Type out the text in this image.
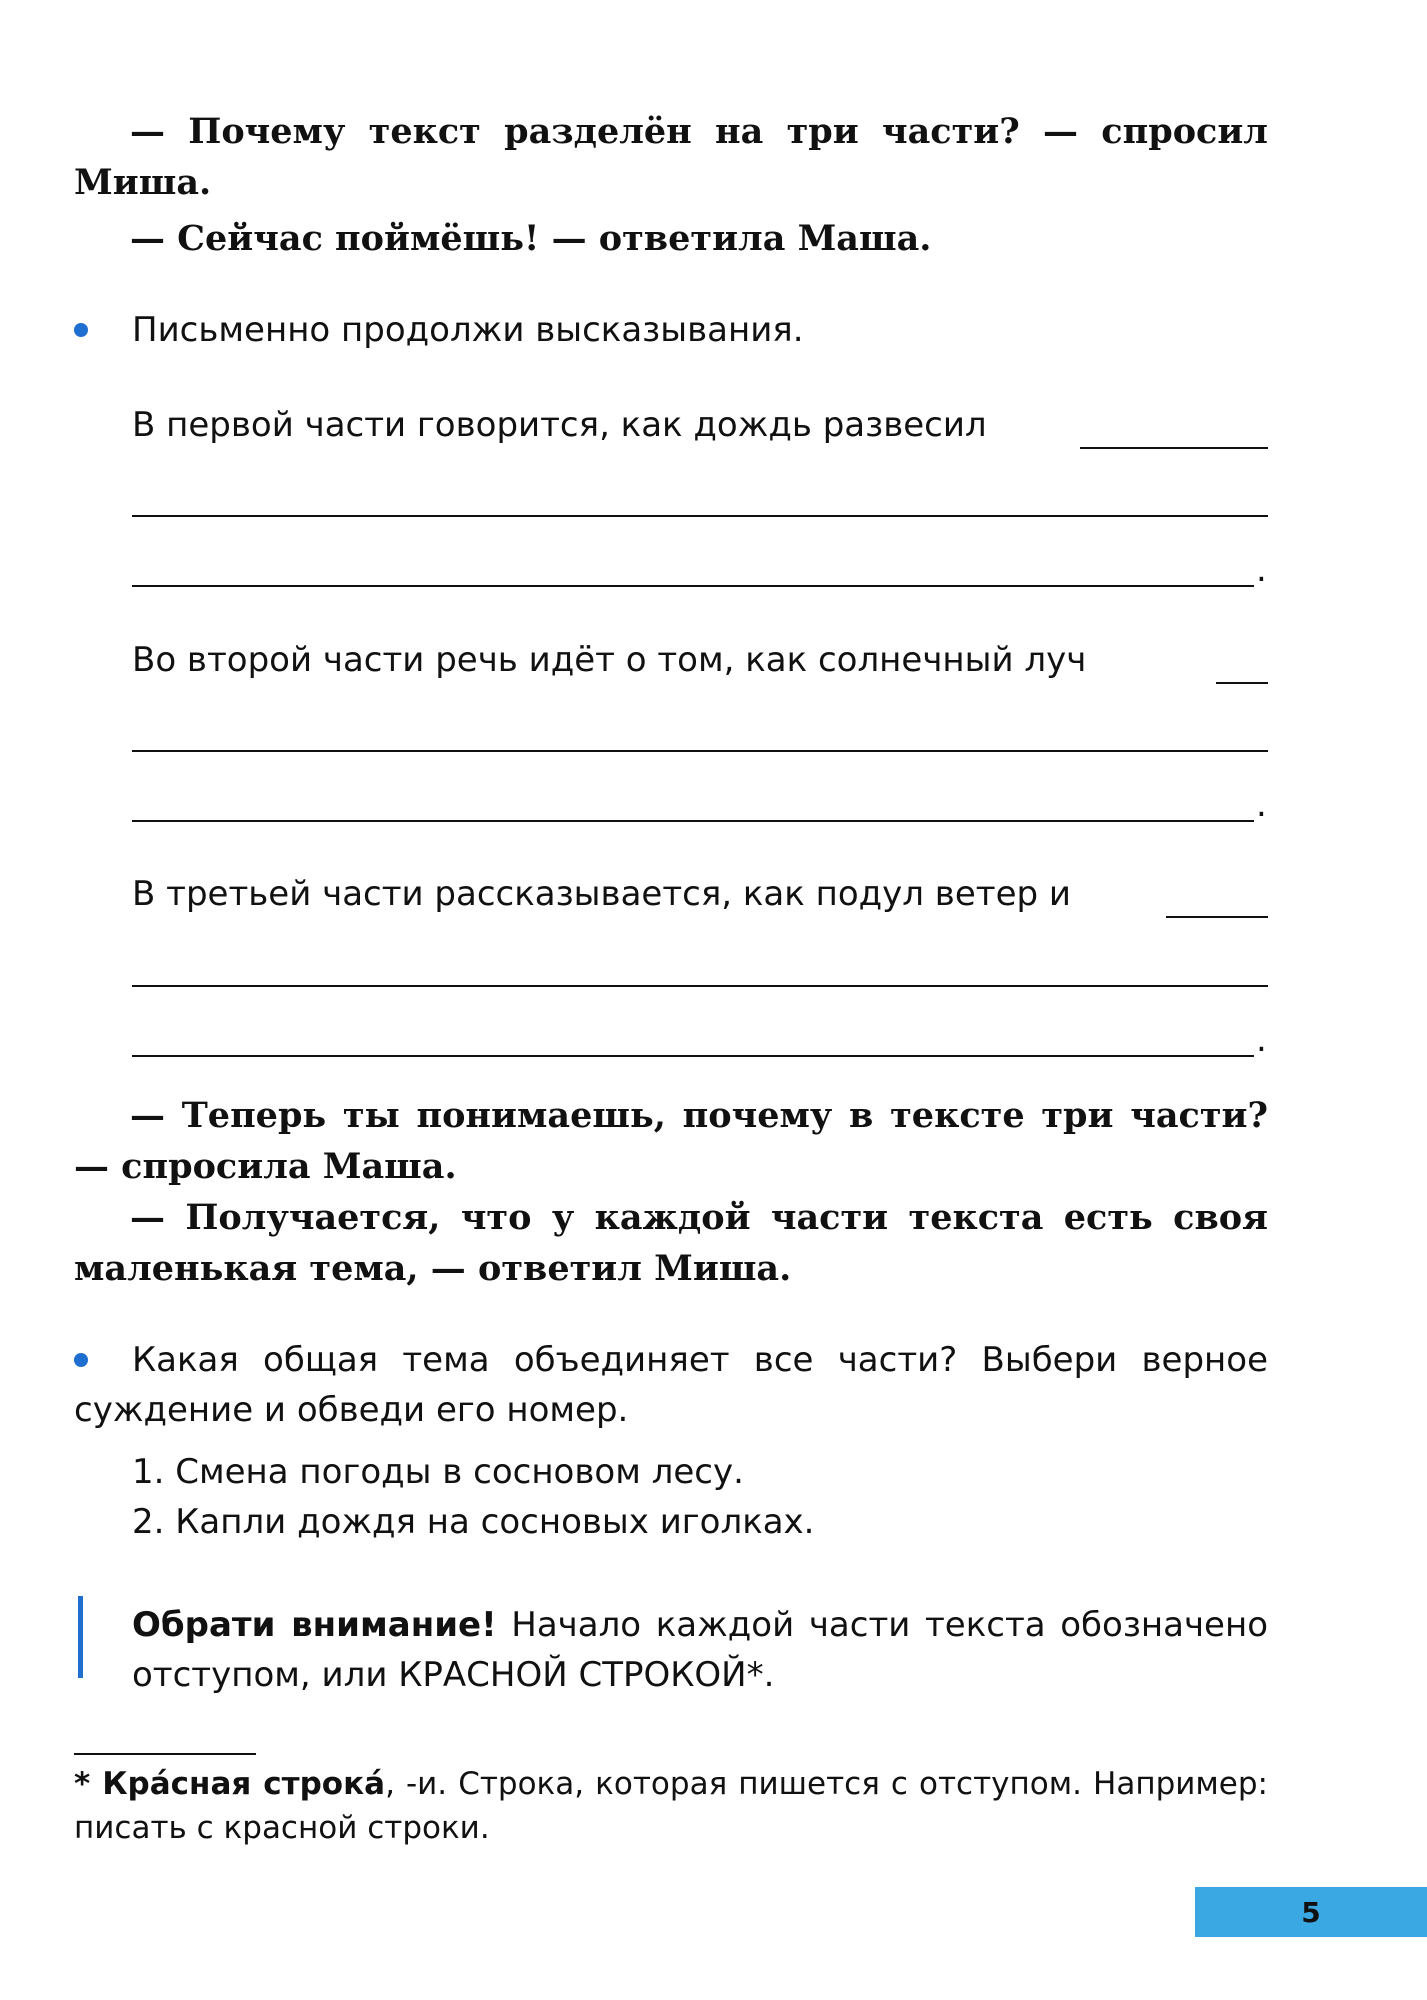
— Почему текст разделён на три части? — спросил Миша.
— Сейчас поймёшь! — ответила Маша.
Письменно продолжи высказывания.
В первой части говорится, как дождь развесил
.
Во второй части речь идёт о том, как солнечный луч
.
В третьей части рассказывается, как подул ветер и
.
— Теперь ты понимаешь, почему в тексте три части? — спросила Маша.
— Получается, что у каждой части текста есть своя маленькая тема, — ответил Миша.
Какая общая тема объединяет все части? Выбери верное суждение и обведи его номер.
1. Смена погоды в сосновом лесу.
2. Капли дождя на сосновых иголках.
Обрати внимание! Начало каждой части текста обозначено отступом, или КРАСНОЙ СТРОКОЙ*.
* Кра́сная строка́, -и. Строка, которая пишется с отступом. Например: писать с красной строки.
5
